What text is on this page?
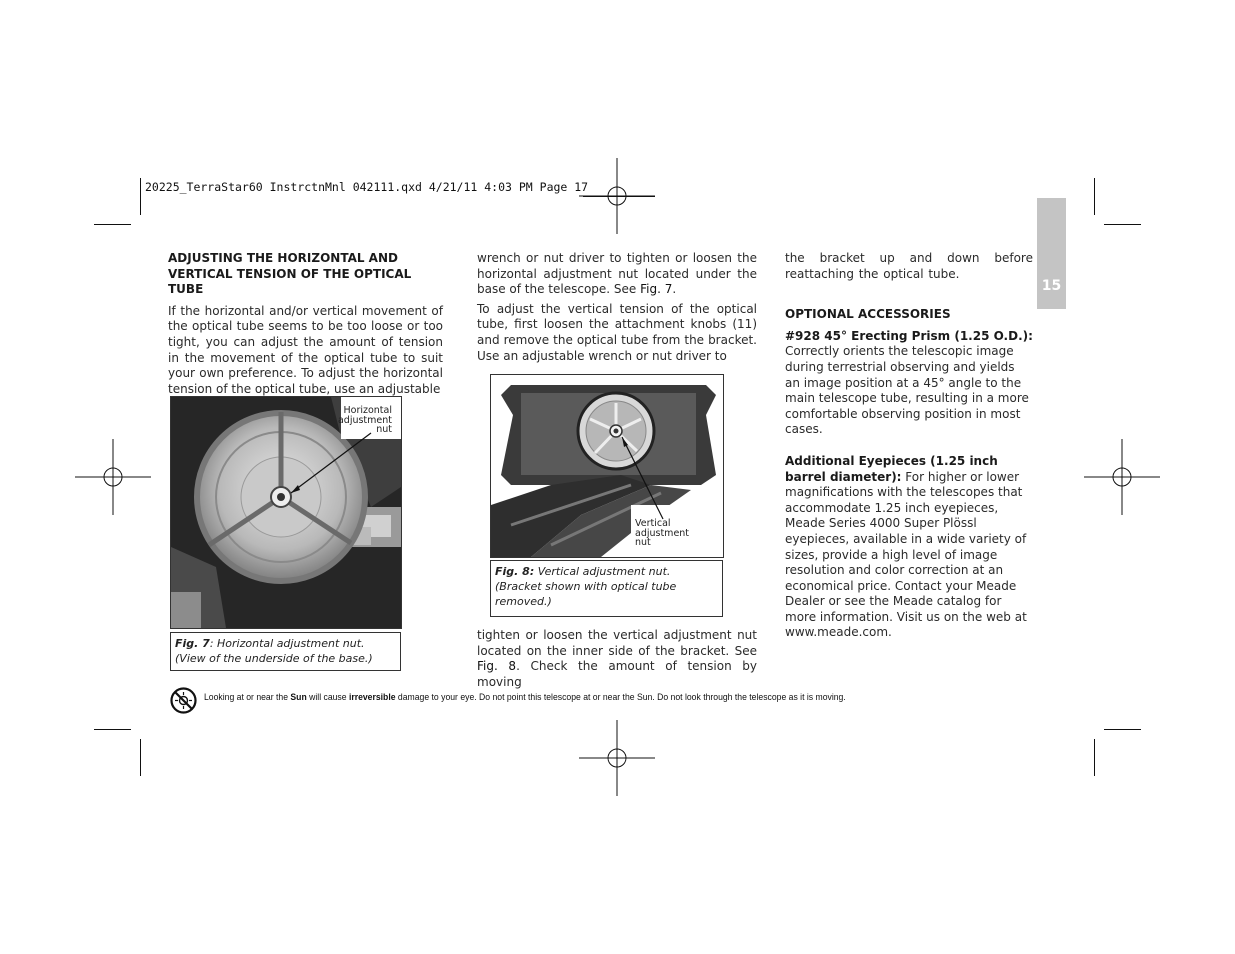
20225_TerraStar60 InstrctnMnl 042111.qxd 4/21/11 4:03 PM Page 17
15
ADJUSTING THE HORIZONTAL AND
VERTICAL TENSION OF THE OPTICAL TUBE

If the horizontal and/or vertical movement of the optical tube seems to be too loose or too tight, you can adjust the amount of tension in the movement of the optical tube to suit your own preference. To adjust the horizontal tension of the optical tube, use an adjustable

Horizontal
adjustment
nut
Fig. 7: Horizontal adjustment nut. (View of the underside of the base.)

wrench or nut driver to tighten or loosen the horizontal adjustment nut located under the base of the telescope. See Fig. 7.

To adjust the vertical tension of the optical tube, first loosen the attachment knobs (11) and remove the optical tube from the bracket. Use an adjustable wrench or nut driver to

Vertical
adjustment
nut
Fig. 8: Vertical adjustment nut. (Bracket shown with optical tube removed.)

tighten or loosen the vertical adjustment nut located on the inner side of the bracket. See Fig. 8. Check the amount of tension by moving

the bracket up and down before reattaching the optical tube.

OPTIONAL ACCESSORIES
#928 45° Erecting Prism (1.25 O.D.):

Correctly orients the telescopic image during terrestrial observing and yields an image position at a 45° angle to the main telescope tube, resulting in a more comfortable observing position in most cases.

Additional Eyepieces (1.25 inch barrel diameter): For higher or lower magnifications with the telescopes that accommodate 1.25 inch eyepieces, Meade Series 4000 Super Plössl eyepieces, available in a wide variety of sizes, provide a high level of image resolution and color correction at an economical price. Contact your Meade Dealer or see the Meade catalog for more information. Visit us on the web at www.meade.com.

Looking at or near the Sun will cause irreversible damage to your eye. Do not point this telescope at or near the Sun. Do not look through the telescope as it is moving.
